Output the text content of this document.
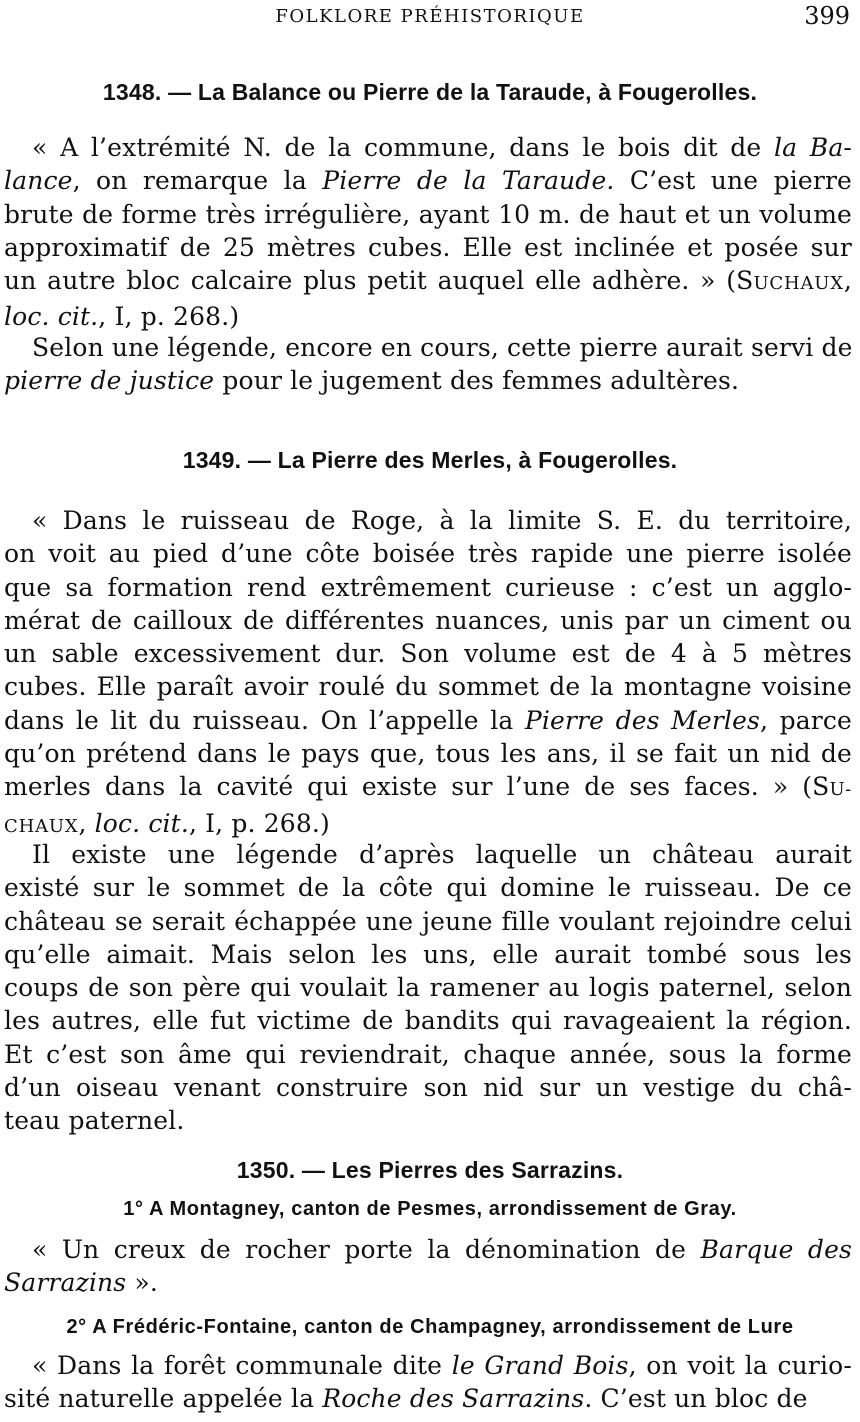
FOLKLORE PRÉHISTORIQUE	399
1348. — La Balance ou Pierre de la Taraude, à Fougerolles.
« A l’extrémité N. de la commune, dans le bois dit de la Ba-
lance, on remarque la Pierre de la Taraude. C’est une pierre
brute de forme très irrégulière, ayant 10 m. de haut et un volume
approximatif de 25 mètres cubes. Elle est inclinée et posée sur
un autre bloc calcaire plus petit auquel elle adhère. » (SUCHAUX,
loc. cit., I, p. 268.)
Selon une légende, encore en cours, cette pierre aurait servi de
pierre de justice pour le jugement des femmes adultères.
1349. — La Pierre des Merles, à Fougerolles.
« Dans le ruisseau de Roge, à la limite S. E. du territoire,
on voit au pied d’une côte boisée très rapide une pierre isolée
que sa formation rend extrêmement curieuse : c’est un agglo-
mérat de cailloux de différentes nuances, unis par un ciment ou
un sable excessivement dur. Son volume est de 4 à 5 mètres
cubes. Elle paraît avoir roulé du sommet de la montagne voisine
dans le lit du ruisseau. On l’appelle la Pierre des Merles, parce
qu’on prétend dans le pays que, tous les ans, il se fait un nid de
merles dans la cavité qui existe sur l’une de ses faces. » (SU-
CHAUX, loc. cit., I, p. 268.)
Il existe une légende d’après laquelle un château aurait
existé sur le sommet de la côte qui domine le ruisseau. De ce
château se serait échappée une jeune fille voulant rejoindre celui
qu’elle aimait. Mais selon les uns, elle aurait tombé sous les
coups de son père qui voulait la ramener au logis paternel, selon
les autres, elle fut victime de bandits qui ravageaient la région.
Et c’est son âme qui reviendrait, chaque année, sous la forme
d’un oiseau venant construire son nid sur un vestige du châ-
teau paternel.
1350. — Les Pierres des Sarrazins.
1° A Montagney, canton de Pesmes, arrondissement de Gray.
« Un creux de rocher porte la dénomination de Barque des
Sarrazins ».
2° A Frédéric-Fontaine, canton de Champagney, arrondissement de Lure
« Dans la forêt communale dite le Grand Bois, on voit la curio-
sité naturelle appelée la Roche des Sarrazins. C’est un bloc de
